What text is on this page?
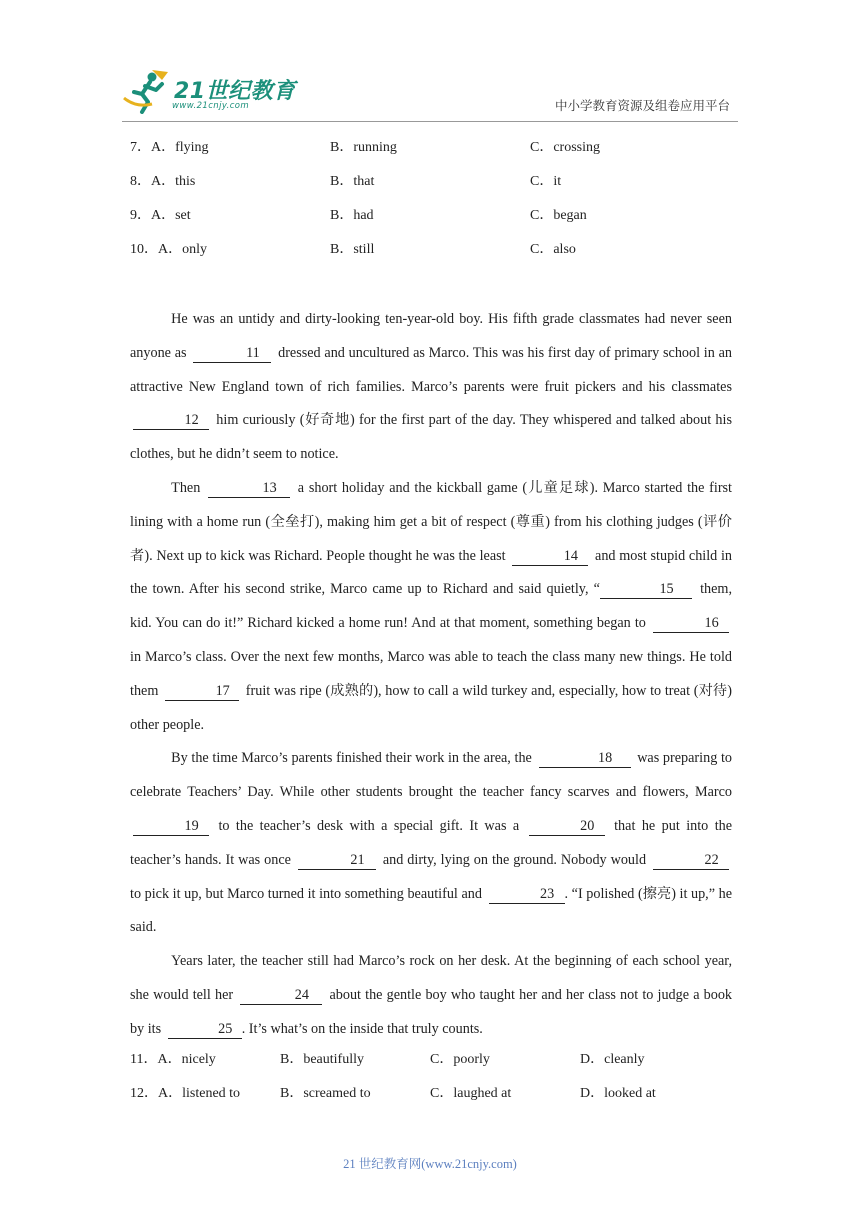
21世纪教育
www.21cnjy.com	中小学教育资源及组卷应用平台
7．A．flying	B．running	C．crossing
8．A．this	B．that	C．it
9．A．set	B．had	C．began
10．A．only	B．still	C．also

He was an untidy and dirty-looking ten-year-old boy. His fifth grade classmates had never seen anyone as	11 dressed and uncultured as Marco. This was his first day of primary school in an attractive New England town of rich families. Marco’s parents were fruit pickers and his classmates 12 him curiously (好奇地) for the first part of the day. They whispered and talked about his clothes, but he didn’t seem to notice.

Then	13 a short holiday and the kickball game (儿童足球). Marco started the first lining with a home run (全垒打), making him get a bit of respect (尊重) from his clothing judges (评价者). Next up to kick was Richard. People thought he was the least	14 and most stupid child in the town. After his second strike, Marco came up to Richard and said quietly, “	15 them, kid. You can do it!” Richard kicked a home run! And at that moment, something began to	16 in Marco’s class. Over the next few months, Marco was able to teach the class many new things. He told them	17 fruit was ripe (成熟的), how to call a wild turkey and, especially, how to treat (对待) other people.

By the time Marco’s parents finished their work in the area, the	18 was preparing to celebrate Teachers’ Day. While other students brought the teacher fancy scarves and flowers, Marco 19 to the teacher’s desk with a special gift. It was a	20 that he put into the teacher’s hands. It was once	21 and dirty, lying on the ground. Nobody would	22 to pick it up, but Marco turned it into something beautiful and	23 . “I polished (擦亮) it up,” he said.

Years later, the teacher still had Marco’s rock on her desk. At the beginning of each school year, she would tell her	24 about the gentle boy who taught her and her class not to judge a book by its	25 . It’s what’s on the inside that truly counts.

11．A．nicely	B．beautifully	C．poorly	D．cleanly
12．A．listened to	B．screamed to	C．laughed at	D．looked at
21 世纪教育网(www.21cnjy.com)
